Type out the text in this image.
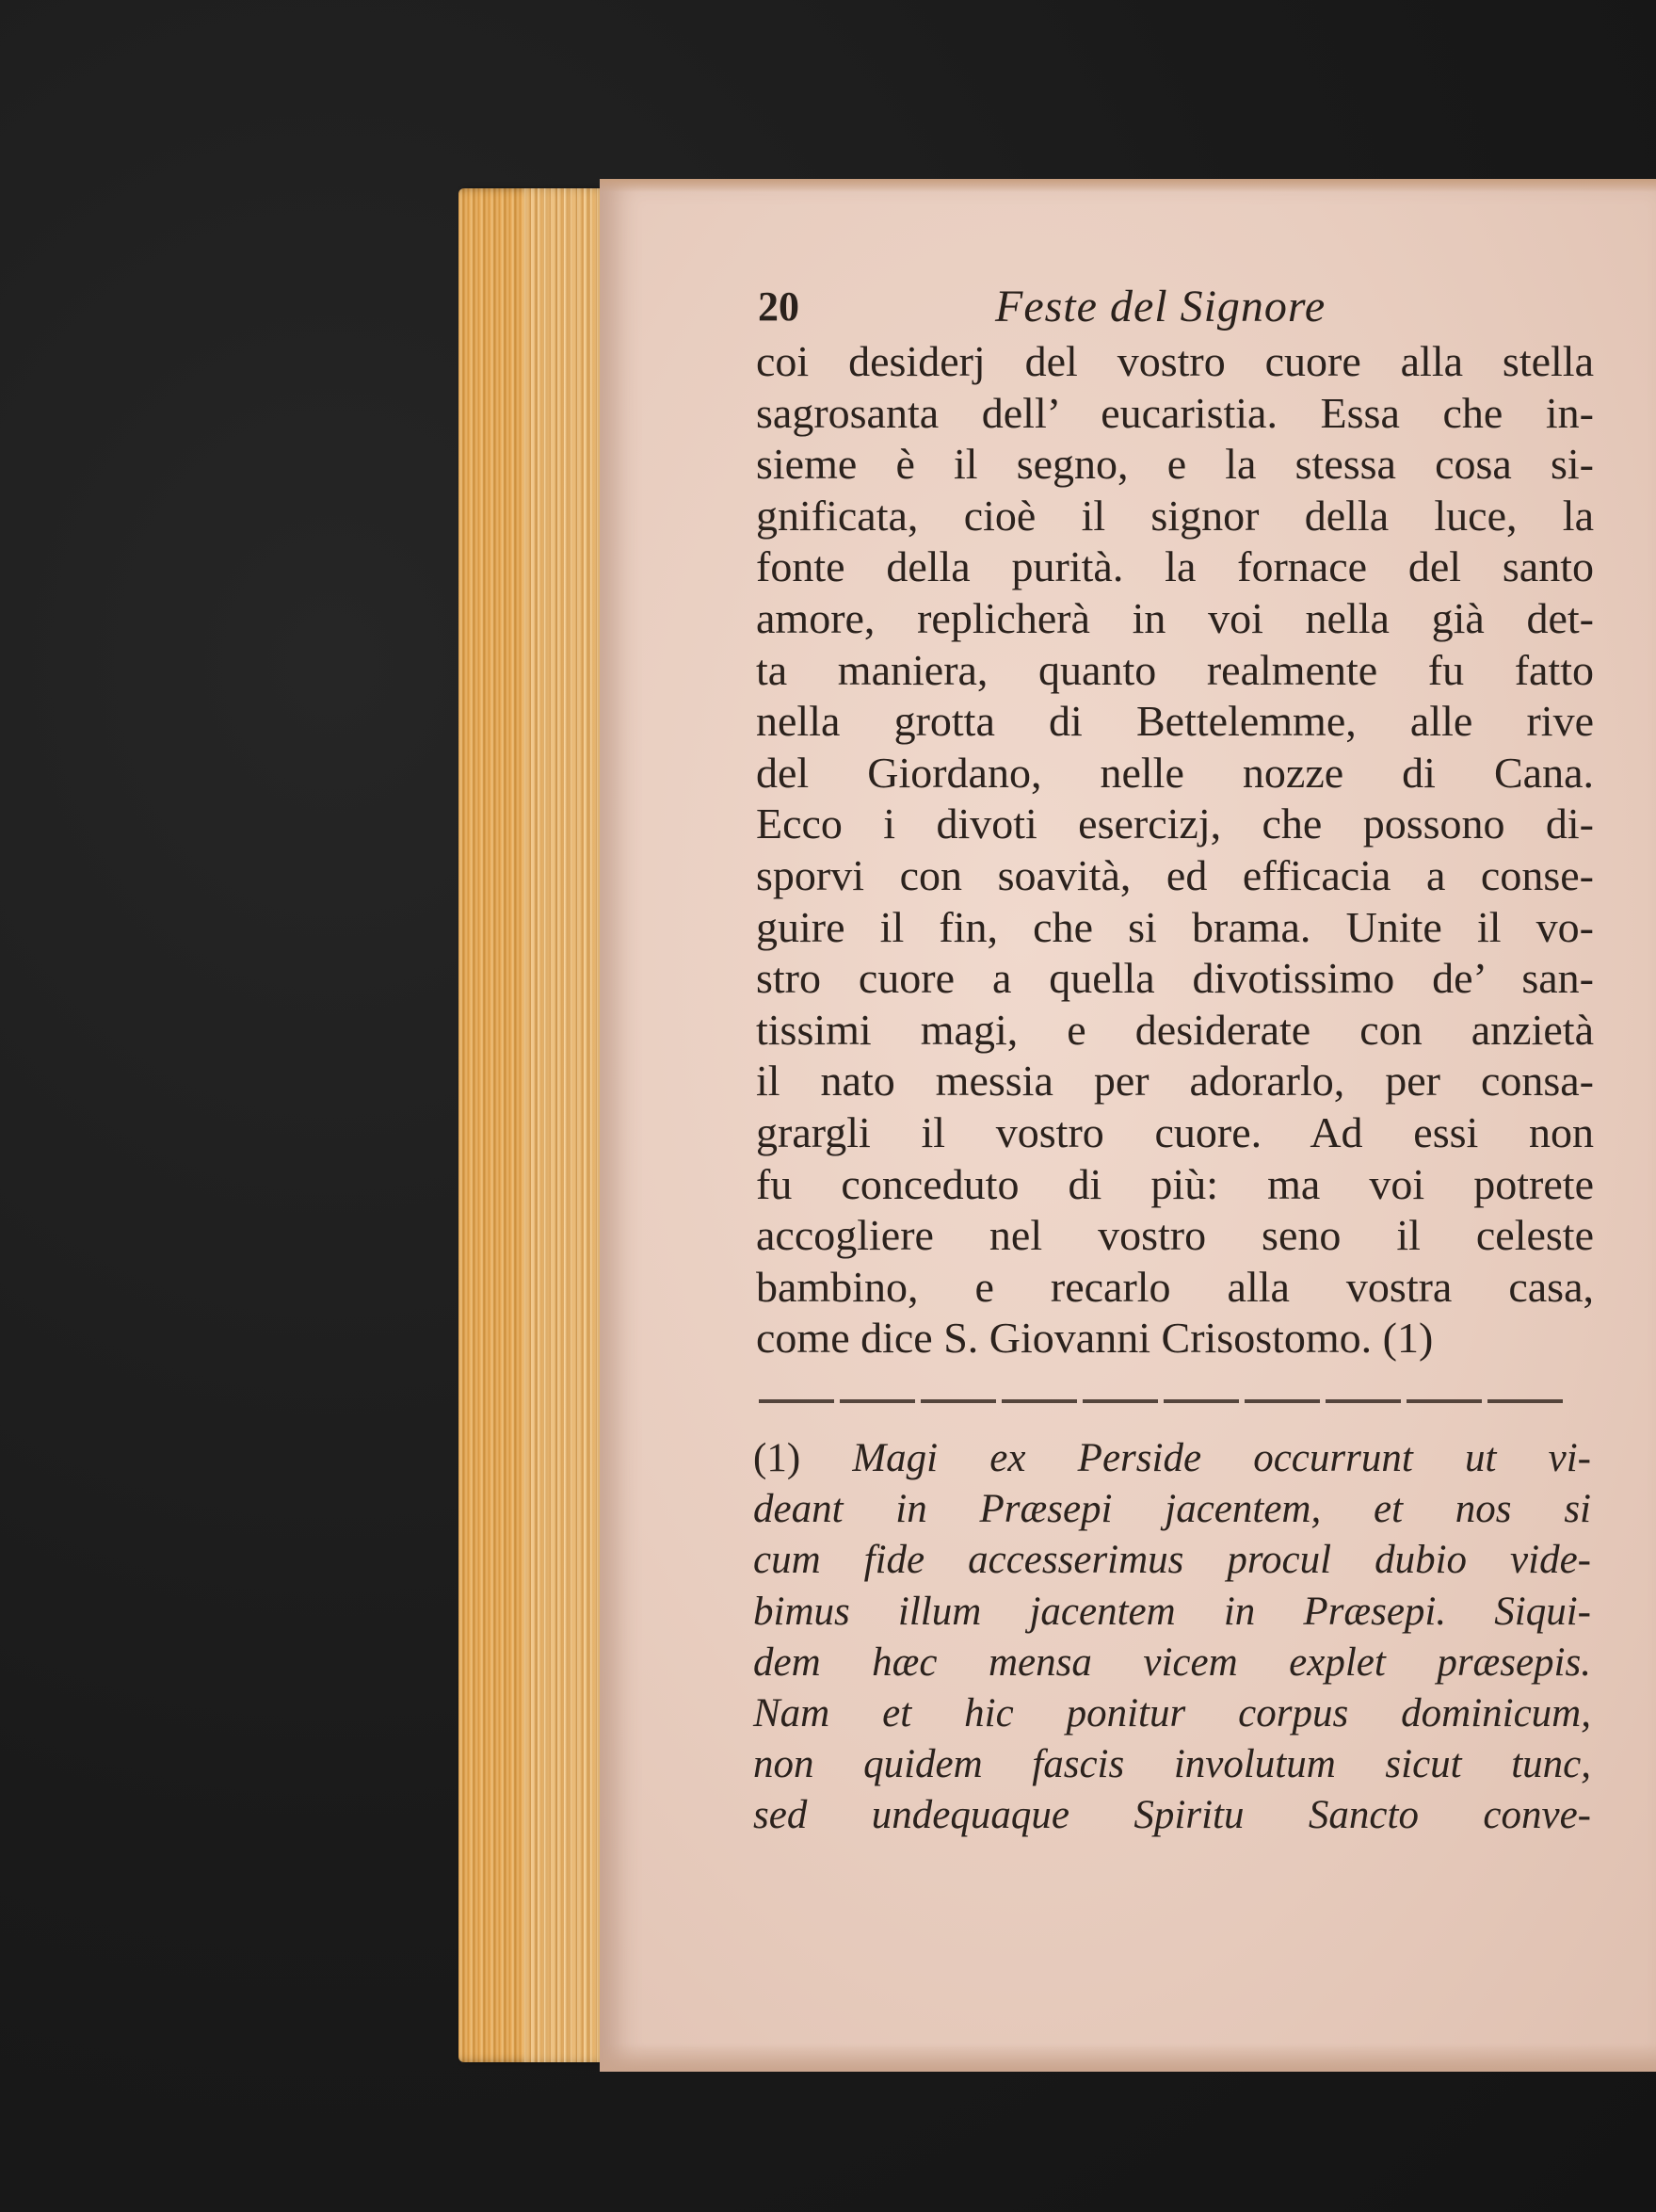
20	Feste del Signore
coi desiderj del vostro cuore alla stella
sagrosanta dell’ eucaristia. Essa che in-
sieme è il segno, e la stessa cosa si-
gnificata, cioè il signor della luce, la
fonte della purità. la fornace del santo
amore, replicherà in voi nella già det-
ta maniera, quanto realmente fu fatto
nella grotta di Bettelemme, alle rive
del Giordano, nelle nozze di Cana.
Ecco i divoti esercizj, che possono di-
sporvi con soavità, ed efficacia a conse-
guire il fin, che si brama. Unite il vo-
stro cuore a quella divotissimo de’ san-
tissimi magi, e desiderate con anzietà
il nato messia per adorarlo, per consa-
grargli il vostro cuore. Ad essi non
fu conceduto di più: ma voi potrete
accogliere nel vostro seno il celeste
bambino, e recarlo alla vostra casa,
come dice S. Giovanni Crisostomo. (1)
(1) Magi ex Perside occurrunt ut vi-
deant in Præsepi jacentem, et nos si
cum fide accesserimus procul dubio vide-
bimus illum jacentem in Præsepi. Siqui-
dem hæc mensa vicem explet præsepis.
Nam et hic ponitur corpus dominicum,
non quidem fascis involutum sicut tunc,
sed undequaque Spiritu Sancto conve-
